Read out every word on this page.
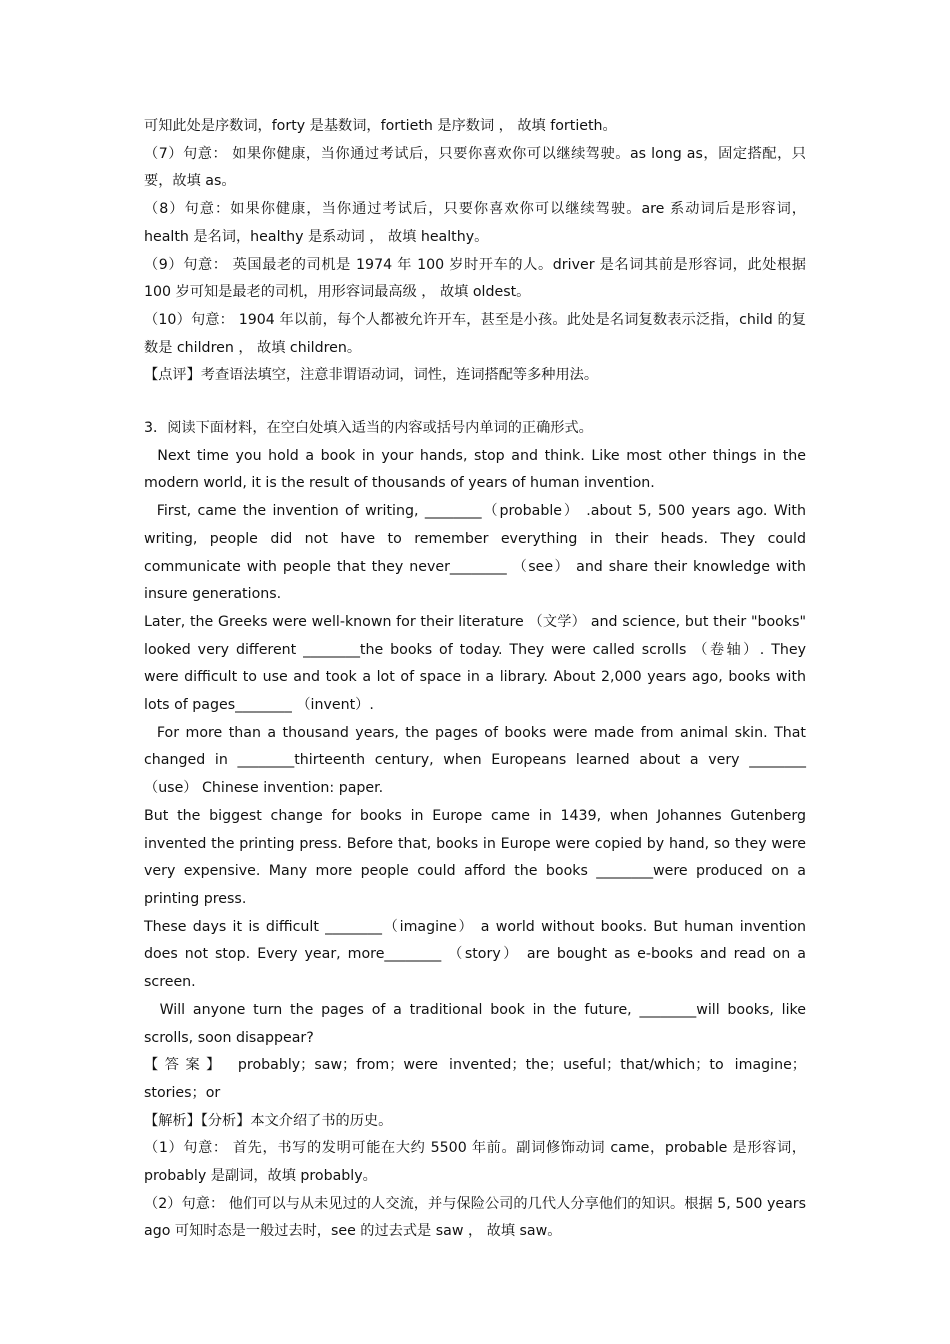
可知此处是序数词，forty 是基数词，fortieth 是序数词 ， 故填 fortieth。

（7）句意： 如果你健康，当你通过考试后，只要你喜欢你可以继续驾驶。as long as，固定搭配，只要，故填 as。

（8）句意：如果你健康，当你通过考试后，只要你喜欢你可以继续驾驶。are 系动词后是形容词，health 是名词，healthy 是系动词 ， 故填 healthy。

（9）句意： 英国最老的司机是 1974 年 100 岁时开车的人。driver 是名词其前是形容词，此处根据 100 岁可知是最老的司机，用形容词最高级 ， 故填 oldest。

（10）句意： 1904 年以前，每个人都被允许开车，甚至是小孩。此处是名词复数表示泛指，child 的复数是 children ， 故填 children。

【点评】考查语法填空，注意非谓语动词，词性，连词搭配等多种用法。

3．阅读下面材料，在空白处填入适当的内容或括号内单词的正确形式。

Next time you hold a book in your hands, stop and think. Like most other things in the modern world, it is the result of thousands of years of human invention.

First, came the invention of writing, ________（probable） .about 5, 500 years ago. With writing, people did not have to remember everything in their heads. They could communicate with people that they never________ （see） and share their knowledge with insure generations.

Later, the Greeks were well-known for their literature （文学） and science, but their "books" looked very different ________the books of today. They were called scrolls （卷轴）. They were difficult to use and took a lot of space in a library. About 2,000 years ago, books with lots of pages________ （invent）.

For more than a thousand years, the pages of books were made from animal skin. That changed in ________thirteenth century, when Europeans learned about a very ________（use） Chinese invention: paper.

But the biggest change for books in Europe came in 1439, when Johannes Gutenberg invented the printing press. Before that, books in Europe were copied by hand, so they were very expensive. Many more people could afford the books ________were produced on a printing press.

These days it is difficult ________（imagine） a world without books. But human invention does not stop. Every year, more________ （story） are bought as e-books and read on a screen.

Will anyone turn the pages of a traditional book in the future, ________will books, like scrolls, soon disappear?

【答案】 probably；saw；from；were invented；the；useful；that/which；to imagine；stories；or

【解析】【分析】本文介绍了书的历史。

（1）句意： 首先，书写的发明可能在大约 5500 年前。副词修饰动词 came，probable 是形容词，probably 是副词，故填 probably。

（2）句意： 他们可以与从未见过的人交流，并与保险公司的几代人分享他们的知识。根据 5, 500 years ago 可知时态是一般过去时，see 的过去式是 saw ， 故填 saw。
